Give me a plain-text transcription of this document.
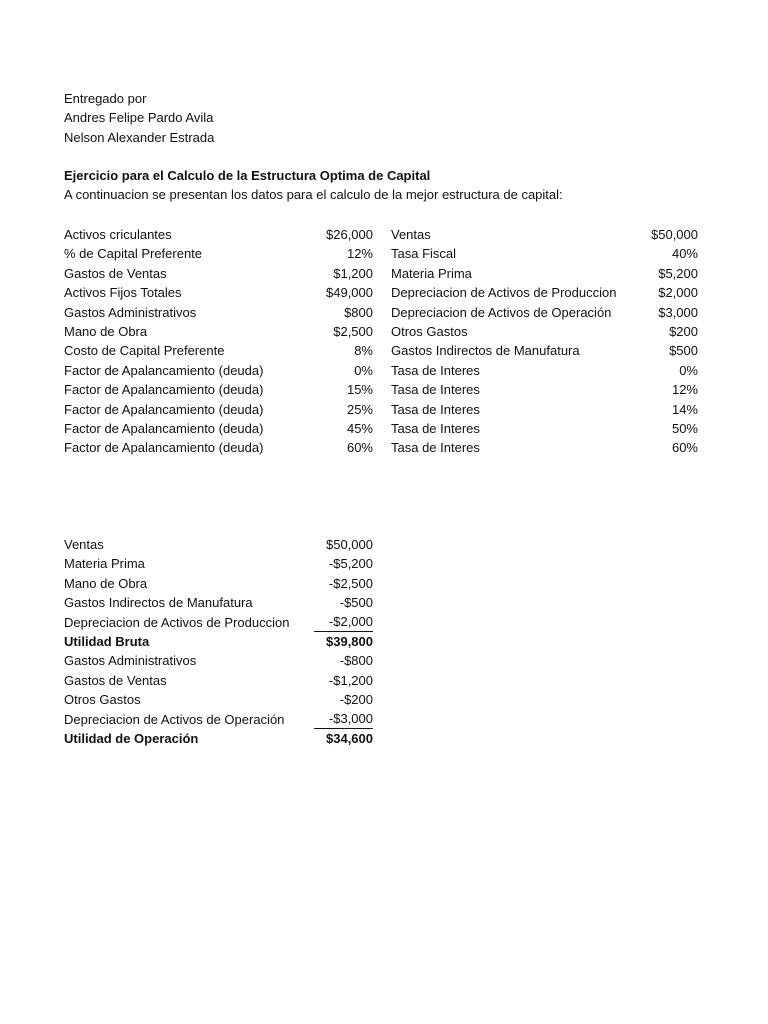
Entregado por
Andres Felipe Pardo Avila
Nelson Alexander Estrada
Ejercicio para el Calculo de la Estructura Optima de Capital
A continuacion se presentan los datos para el calculo de la mejor estructura de capital:
Activos criculantes	$26,000 Ventas	$50,000
% de Capital Preferente	12% Tasa Fiscal	40%
Gastos de Ventas	$1,200 Materia Prima	$5,200
Activos Fijos Totales	$49,000 Depreciacion de Activos de Produccion	$2,000
Gastos Administrativos	$800 Depreciacion de Activos de Operación	$3,000
Mano de Obra	$2,500 Otros Gastos	$200
Costo de Capital Preferente	8% Gastos Indirectos de Manufatura	$500
Factor de Apalancamiento (deuda)	0% Tasa de Interes	0%
Factor de Apalancamiento (deuda)	15% Tasa de Interes	12%
Factor de Apalancamiento (deuda)	25% Tasa de Interes	14%
Factor de Apalancamiento (deuda)	45% Tasa de Interes	50%
Factor de Apalancamiento (deuda)	60% Tasa de Interes	60%
Ventas	$50,000
Materia Prima	-$5,200
Mano de Obra	-$2,500
Gastos Indirectos de Manufatura	-$500
Depreciacion de Activos de Produccion	-$2,000
Utilidad Bruta	$39,800
Gastos Administrativos	-$800
Gastos de Ventas	-$1,200
Otros Gastos	-$200
Depreciacion de Activos de Operación	-$3,000
Utilidad de Operación	$34,600
